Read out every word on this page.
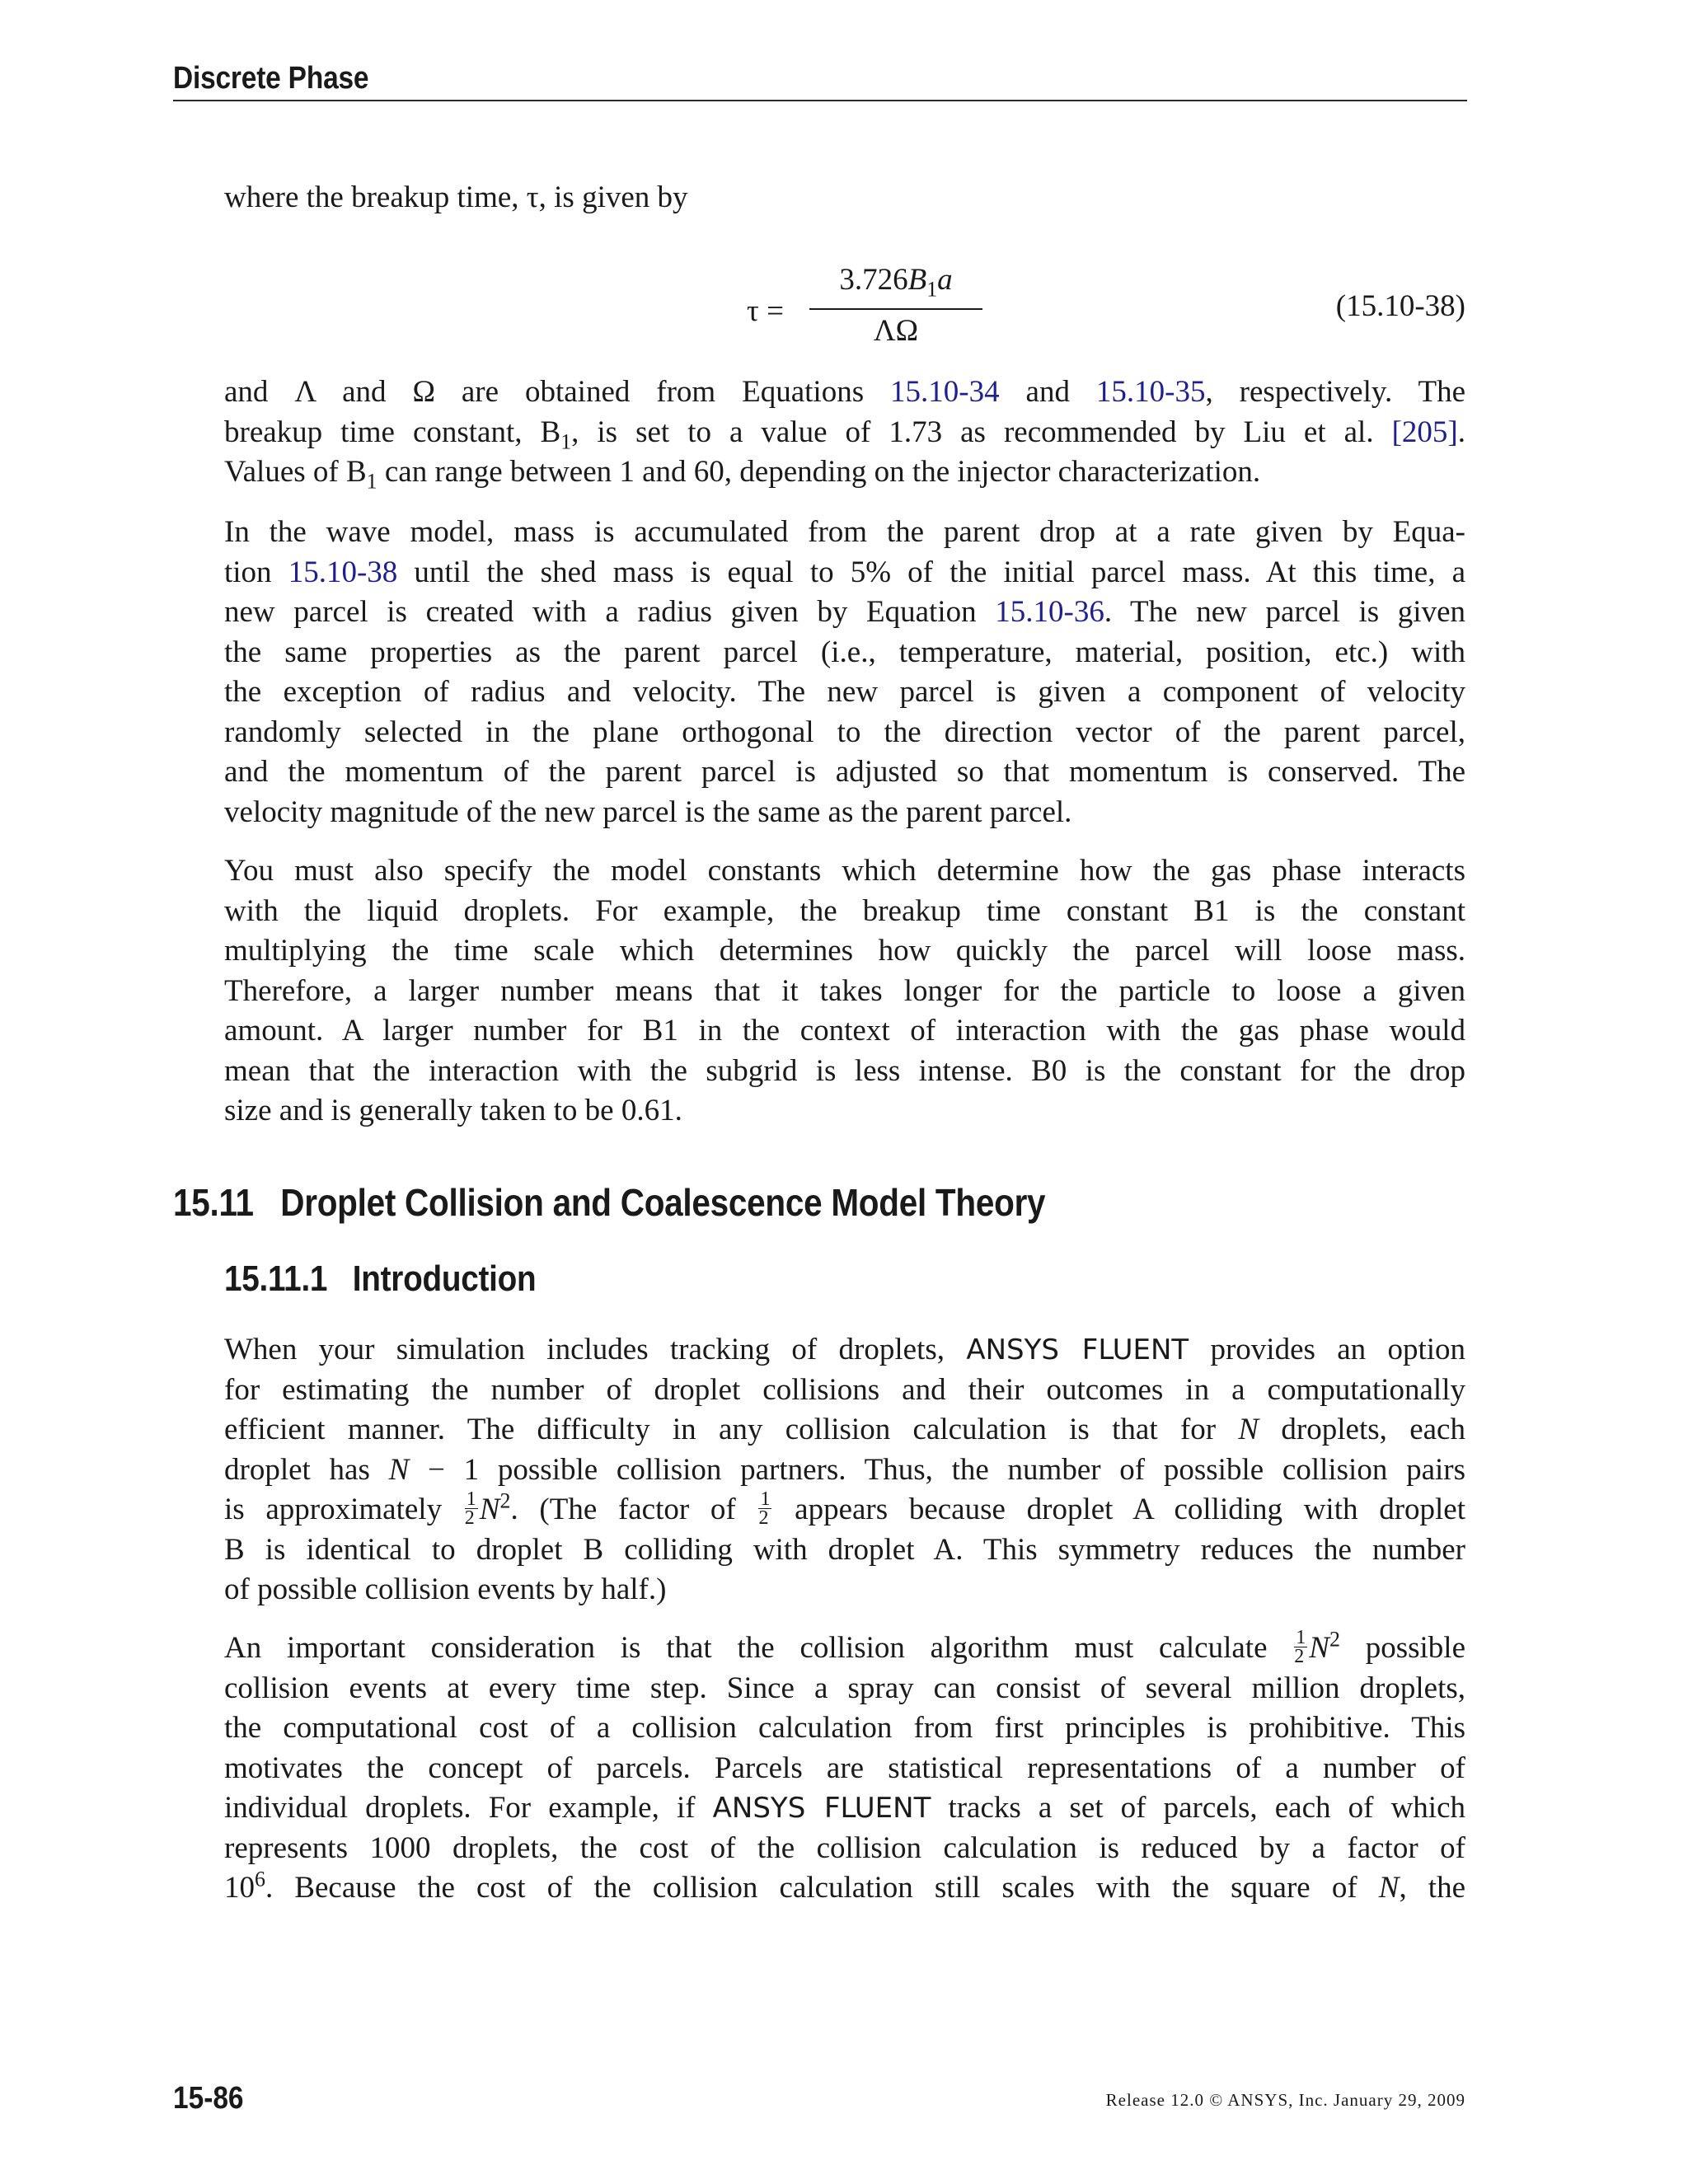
Discrete Phase

where the breakup time, τ, is given by

τ =
$3.726B_1a$
ΛΩ
(15.10-38)

and Λ and Ω are obtained from Equations 15.10-34 and 15.10-35, respectively. The
breakup time constant, $B_1$, is set to a value of 1.73 as recommended by Liu et al. [205].
Values of $B_1$ can range between 1 and 60, depending on the injector characterization.

In the wave model, mass is accumulated from the parent drop at a rate given by Equa-
tion 15.10-38 until the shed mass is equal to 5% of the initial parcel mass. At this time, a
new parcel is created with a radius given by Equation 15.10-36. The new parcel is given
the same properties as the parent parcel (i.e., temperature, material, position, etc.) with
the exception of radius and velocity. The new parcel is given a component of velocity
randomly selected in the plane orthogonal to the direction vector of the parent parcel,
and the momentum of the parent parcel is adjusted so that momentum is conserved. The
velocity magnitude of the new parcel is the same as the parent parcel.

You must also specify the model constants which determine how the gas phase interacts
with the liquid droplets. For example, the breakup time constant B1 is the constant
multiplying the time scale which determines how quickly the parcel will loose mass.
Therefore, a larger number means that it takes longer for the particle to loose a given
amount. A larger number for B1 in the context of interaction with the gas phase would
mean that the interaction with the subgrid is less intense. B0 is the constant for the drop
size and is generally taken to be 0.61.

15.11 Droplet Collision and Coalescence Model Theory
15.11.1 Introduction

When your simulation includes tracking of droplets, ANSYS FLUENT provides an option
for estimating the number of droplet collisions and their outcomes in a computationally
efficient manner. The difficulty in any collision calculation is that for N droplets, each
droplet has N − 1 possible collision partners. Thus, the number of possible collision pairs
is approximately $\frac{1}{2} N^2$. (The factor of $\frac{1}{2}$ appears because droplet A colliding with droplet
B is identical to droplet B colliding with droplet A. This symmetry reduces the number
of possible collision events by half.)

An important consideration is that the collision algorithm must calculate $\frac{1}{2} N^2$ possible
collision events at every time step. Since a spray can consist of several million droplets,
the computational cost of a collision calculation from first principles is prohibitive. This
motivates the concept of parcels. Parcels are statistical representations of a number of
individual droplets. For example, if ANSYS FLUENT tracks a set of parcels, each of which
represents 1000 droplets, the cost of the collision calculation is reduced by a factor of
$10^6$. Because the cost of the collision calculation still scales with the square of N, the

15-86	Release 12.0 © ANSYS, Inc. January 29, 2009
